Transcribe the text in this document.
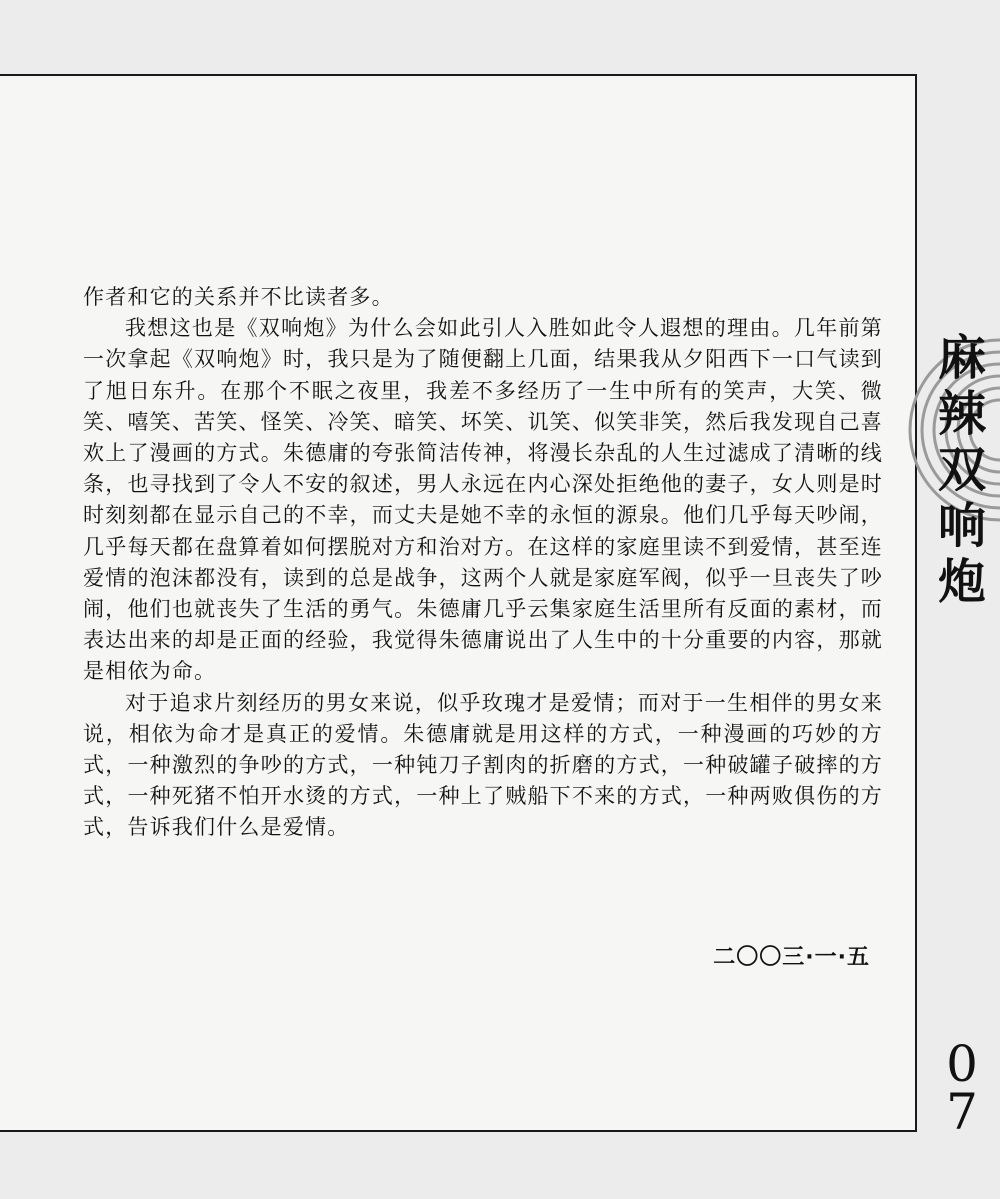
作者和它的关系并不比读者多。

我想这也是《双响炮》为什么会如此引人入胜如此令人遐想的理由。几年前第一次拿起《双响炮》时，我只是为了随便翻上几面，结果我从夕阳西下一口气读到了旭日东升。在那个不眠之夜里，我差不多经历了一生中所有的笑声，大笑、微笑、嘻笑、苦笑、怪笑、冷笑、暗笑、坏笑、讥笑、似笑非笑，然后我发现自己喜欢上了漫画的方式。朱德庸的夸张简洁传神，将漫长杂乱的人生过滤成了清晰的线条，也寻找到了令人不安的叙述，男人永远在内心深处拒绝他的妻子，女人则是时时刻刻都在显示自己的不幸，而丈夫是她不幸的永恒的源泉。他们几乎每天吵闹，几乎每天都在盘算着如何摆脱对方和治对方。在这样的家庭里读不到爱情，甚至连爱情的泡沫都没有，读到的总是战争，这两个人就是家庭军阀，似乎一旦丧失了吵闹，他们也就丧失了生活的勇气。朱德庸几乎云集家庭生活里所有反面的素材，而表达出来的却是正面的经验，我觉得朱德庸说出了人生中的十分重要的内容，那就是相依为命。

对于追求片刻经历的男女来说，似乎玫瑰才是爱情；而对于一生相伴的男女来说，相依为命才是真正的爱情。朱德庸就是用这样的方式，一种漫画的巧妙的方式，一种激烈的争吵的方式，一种钝刀子割肉的折磨的方式，一种破罐子破摔的方式，一种死猪不怕开水烫的方式，一种上了贼船下不来的方式，一种两败俱伤的方式，告诉我们什么是爱情。

二〇〇三·一·五
麻
辣
双
响
炮
0
7
